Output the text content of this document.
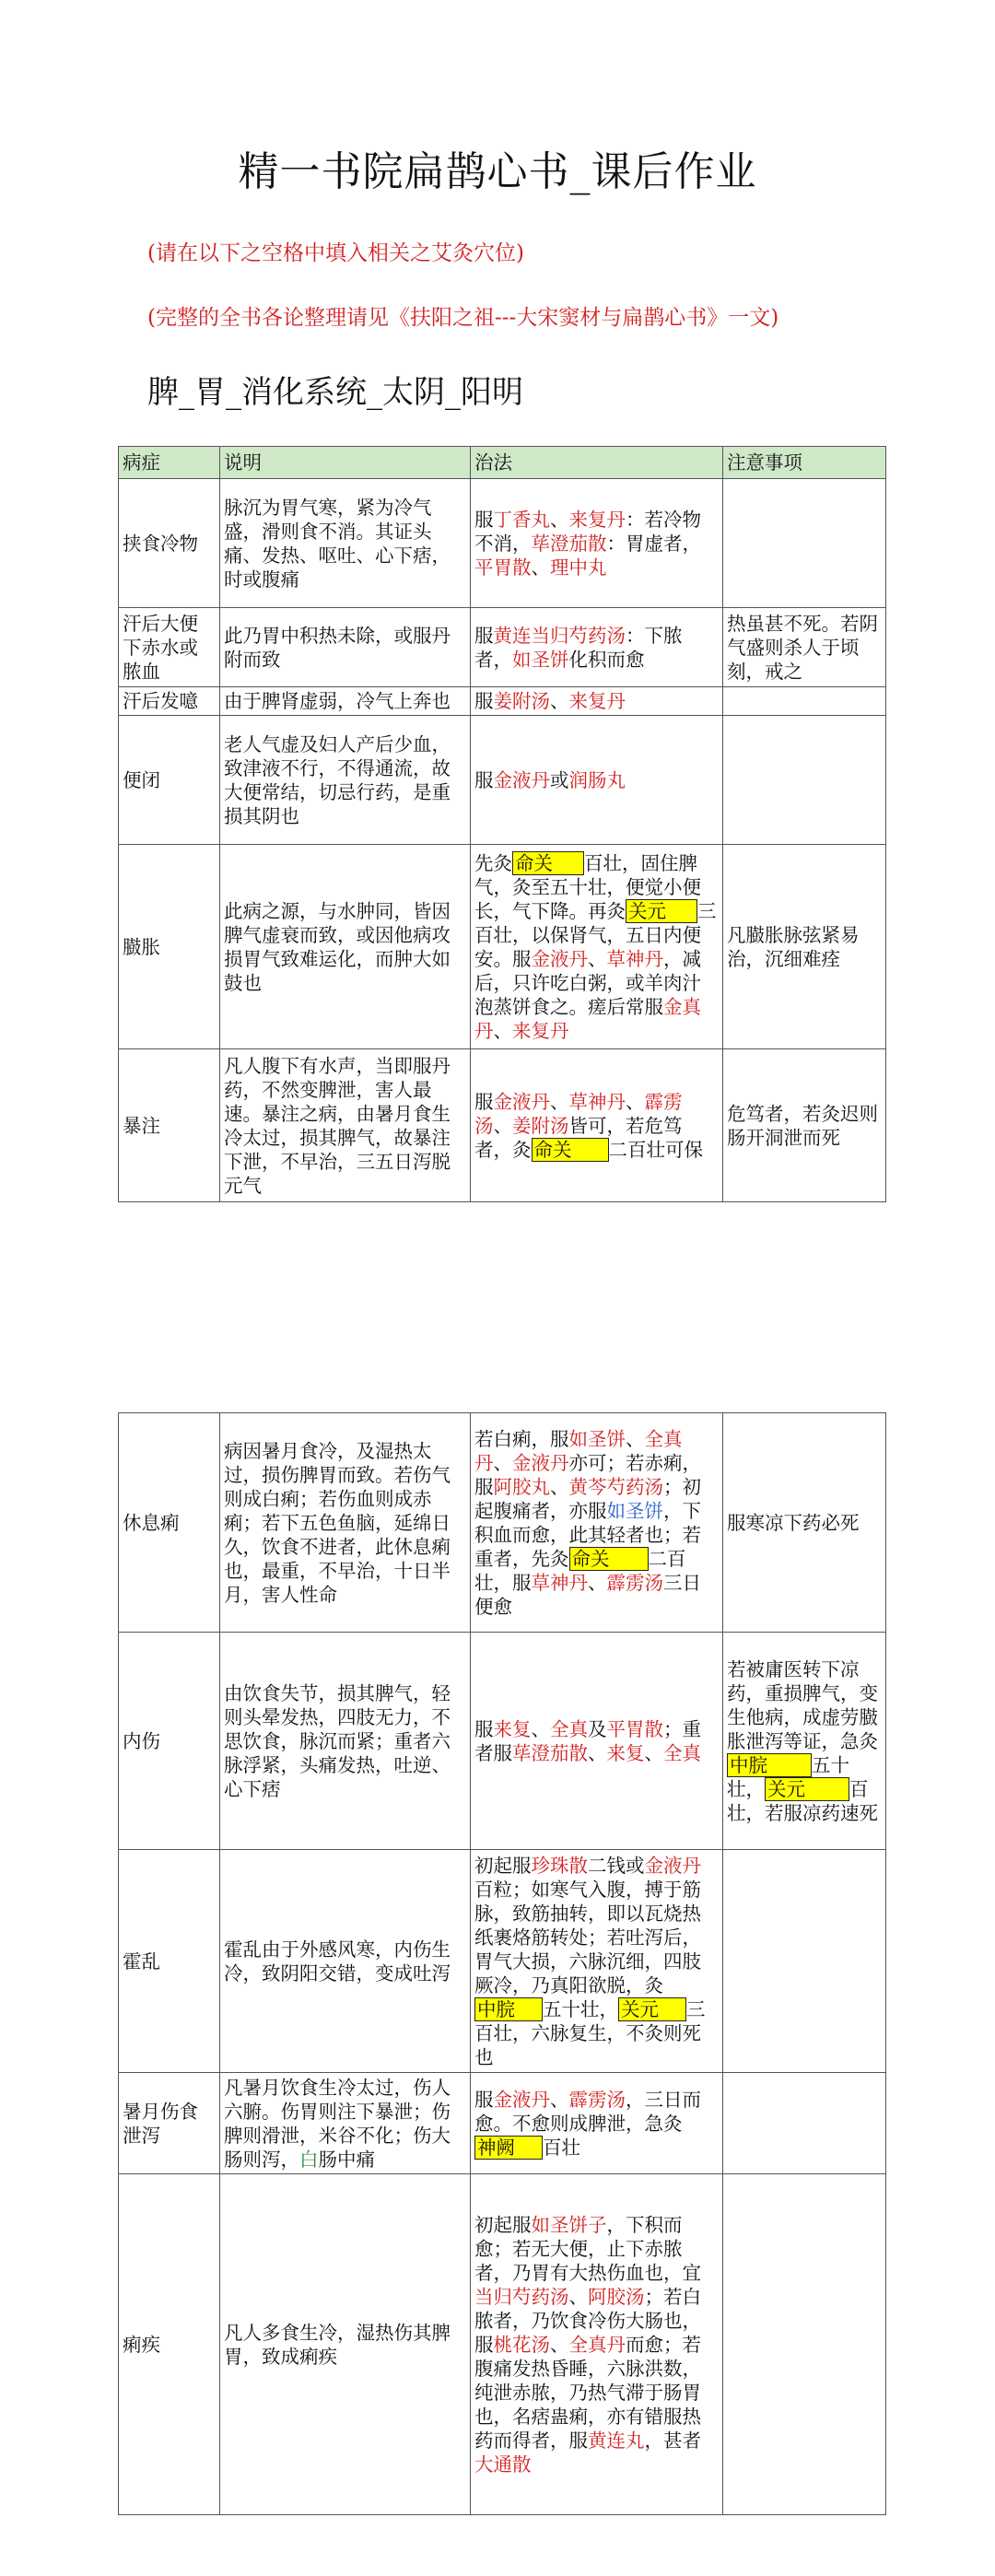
精一书院扁鹊心书_课后作业

(请在以下之空格中填入相关之艾灸穴位)

(完整的全书各论整理请见《扶阳之祖---大宋窦材与扁鹊心书》一文)

脾_胃_消化系统_太阴_阳明

病症	说明	治法	注意事项
挟食冷物	脉沉为胃气寒，紧为冷气盛，滑则食不消。其证头痛、发热、呕吐、心下痞，时或腹痛	服丁香丸、来复丹：若冷物不消，荜澄茄散：胃虚者，平胃散、理中丸	
汗后大便下赤水或脓血	此乃胃中积热未除，或服丹附而致	服黄连当归芍药汤：下脓者，如圣饼化积而愈	热虽甚不死。若阴气盛则杀人于顷刻，戒之
汗后发噫	由于脾肾虚弱，冷气上奔也	服姜附汤、来复丹	
便闭	老人气虚及妇人产后少血，致津液不行，不得通流，故大便常结，切忌行药，是重损其阴也	服金液丹或润肠丸	
臌胀	此病之源，与水肿同，皆因脾气虚衰而致，或因他病攻损胃气致难运化，而肿大如鼓也	先灸 命关 百壮，固住脾气，灸至五十壮，便觉小便长，气下降。再灸 关元 三百壮，以保肾气，五日内便安。服金液丹、草神丹，减后，只许吃白粥，或羊肉汁泡蒸饼食之。瘥后常服金真丹、来复丹	凡臌胀脉弦紧易治，沉细难痊
暴注	凡人腹下有水声，当即服丹药，不然变脾泄，害人最速。暴注之病，由暑月食生冷太过，损其脾气，故暴注下泄，不早治，三五日泻脱元气	服金液丹、草神丹、霹雳汤、姜附汤皆可，若危笃者，灸 命关 二百壮可保	危笃者，若灸迟则肠开洞泄而死
休息痢	病因暑月食冷，及湿热太过，损伤脾胃而致。若伤气则成白痢；若伤血则成赤痢；若下五色鱼脑，延绵日久，饮食不进者，此休息痢也，最重，不早治，十日半月，害人性命	若白痢，服如圣饼、全真丹、金液丹亦可；若赤痢，服阿胶丸、黄芩芍药汤；初起腹痛者，亦服如圣饼，下积血而愈，此其轻者也；若重者，先灸 命关 二百壮，服草神丹、霹雳汤三日便愈	服寒凉下药必死
内伤	由饮食失节，损其脾气，轻则头晕发热，四肢无力，不思饮食，脉沉而紧；重者六脉浮紧，头痛发热，吐逆、心下痞	服来复、全真及平胃散；重者服荜澄茄散、来复、全真	若被庸医转下凉药，重损脾气，变生他病，成虚劳臌胀泄泻等证，急灸中脘 五十壮， 关元 百壮，若服凉药速死
霍乱	霍乱由于外感风寒，内伤生冷，致阴阳交错，变成吐泻	初起服珍珠散二钱或金液丹百粒；如寒气入腹，搏于筋脉，致筋抽转，即以瓦烧热纸裹烙筋转处；若吐泻后，胃气大损，六脉沉细，四肢厥冷，乃真阳欲脱，灸中脘 五十壮， 关元 三百壮，六脉复生，不灸则死也	
暑月伤食泄泻	凡暑月饮食生冷太过，伤人六腑。伤胃则注下暴泄；伤脾则滑泄，米谷不化；伤大肠则泻，白肠中痛	服金液丹、霹雳汤，三日而愈。不愈则成脾泄，急灸神阙 百壮	
痢疾	凡人多食生冷，湿热伤其脾胃，致成痢疾	初起服如圣饼子，下积而愈；若无大便，止下赤脓者，乃胃有大热伤血也，宜当归芍药汤、阿胶汤；若白脓者，乃饮食冷伤大肠也，服桃花汤、全真丹而愈；若腹痛发热昏睡，六脉洪数，纯泄赤脓，乃热气滞于肠胃也，名痞蛊痢，亦有错服热药而得者，服黄连丸，甚者大通散	
